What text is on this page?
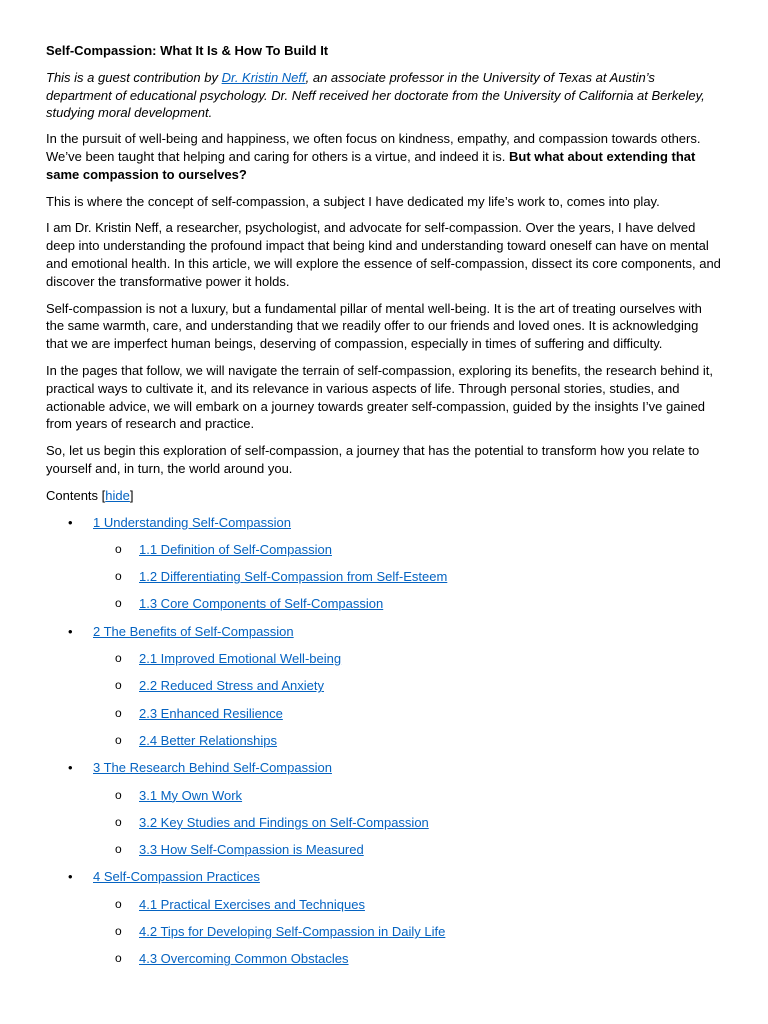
Self-Compassion: What It Is & How To Build It

This is a guest contribution by Dr. Kristin Neff, an associate professor in the University of Texas at Austin’s department of educational psychology. Dr. Neff received her doctorate from the University of California at Berkeley, studying moral development.

In the pursuit of well-being and happiness, we often focus on kindness, empathy, and compassion towards others. We’ve been taught that helping and caring for others is a virtue, and indeed it is. But what about extending that same compassion to ourselves?

This is where the concept of self-compassion, a subject I have dedicated my life’s work to, comes into play.

I am Dr. Kristin Neff, a researcher, psychologist, and advocate for self-compassion. Over the years, I have delved deep into understanding the profound impact that being kind and understanding toward oneself can have on mental and emotional health. In this article, we will explore the essence of self-compassion, dissect its core components, and discover the transformative power it holds.

Self-compassion is not a luxury, but a fundamental pillar of mental well-being. It is the art of treating ourselves with the same warmth, care, and understanding that we readily offer to our friends and loved ones. It is acknowledging that we are imperfect human beings, deserving of compassion, especially in times of suffering and difficulty.

In the pages that follow, we will navigate the terrain of self-compassion, exploring its benefits, the research behind it, practical ways to cultivate it, and its relevance in various aspects of life. Through personal stories, studies, and actionable advice, we will embark on a journey towards greater self-compassion, guided by the insights I’ve gained from years of research and practice.

So, let us begin this exploration of self-compassion, a journey that has the potential to transform how you relate to yourself and, in turn, the world around you.

Contents [hide]
• 1 Understanding Self-Compassion
o 1.1 Definition of Self-Compassion
o 1.2 Differentiating Self-Compassion from Self-Esteem
o 1.3 Core Components of Self-Compassion
• 2 The Benefits of Self-Compassion
o 2.1 Improved Emotional Well-being
o 2.2 Reduced Stress and Anxiety
o 2.3 Enhanced Resilience
o 2.4 Better Relationships
• 3 The Research Behind Self-Compassion
o 3.1 My Own Work
o 3.2 Key Studies and Findings on Self-Compassion
o 3.3 How Self-Compassion is Measured
• 4 Self-Compassion Practices
o 4.1 Practical Exercises and Techniques
o 4.2 Tips for Developing Self-Compassion in Daily Life
o 4.3 Overcoming Common Obstacles
